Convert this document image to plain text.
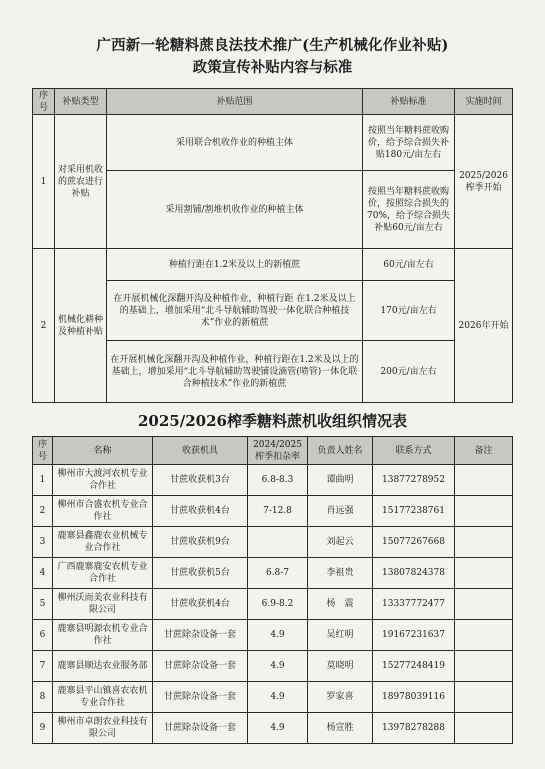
广西新一轮糖料蔗良法技术推广(生产机械化作业补贴)
政策宣传补贴内容与标准
序号	补贴类型	补贴范围	补贴标准	实施时间
1	对采用机收的蔗农进行补贴	采用联合机收作业的种植主体	按照当年糖料蔗收购价，给予综合损失补贴180元/亩左右	2025/2026榨季开始
		采用割铺/割堆机收作业的种植主体	按照当年糖料蔗收购价，按照综合损失的70%，给予综合损失补贴60元/亩左右	
2	机械化耕种及种植补贴	种植行距在1.2米及以上的新植蔗	60元/亩左右	2026年开始
		在开展机械化深翻开沟及种植作业，种植行距 在1.2米及以上的基础上，增加采用“北斗导航辅助驾驶一体化联合种植技术”作业的新植蔗	170元/亩左右	
		在开展机械化深翻开沟及种植作业，种植行距在1.2米及以上的基础上，增加采用“北斗导航辅助驾驶铺设滴管(喷管)一体化联合种植技术”作业的新植蔗	200元/亩左右	
2025/2026榨季糖料蔗机收组织情况表
序号	名称	收获机具	2024/2025榨季扣杂率	负责人姓名	联系方式	备注
1	柳州市大渡河农机专业合作社	甘蔗收获机3台	6.8-8.3	谭曲明	13877278952	
2	柳州市合盛农机专业合作社	甘蔗收获机4台	7-12.8	肖远强	15177238761	
3	鹿寨县鑫鹿农业机械专业合作社	甘蔗收获机9台		刘起云	15077267668	
4	广西鹿寨鹿安农机专业合作社	甘蔗收获机5台	6.8-7	李祖贵	13807824378	
5	柳州沃而美农业科技有限公司	甘蔗收获机4台	6.9-8.2	杨　震	13337772477	
6	鹿寨县明源农机专业合作社	甘蔗除杂设备一套	4.9	吴红明	19167231637	
7	鹿寨县顺达农业服务部	甘蔗除杂设备一套	4.9	莫晓明	15277248419	
8	鹿寨县平山镇喜农农机专业合作社	甘蔗除杂设备一套	4.9	罗家喜	18978039116	
9	柳州市卓朗农业科技有限公司	甘蔗除杂设备一套	4.9	杨宣胜	13978278288	
